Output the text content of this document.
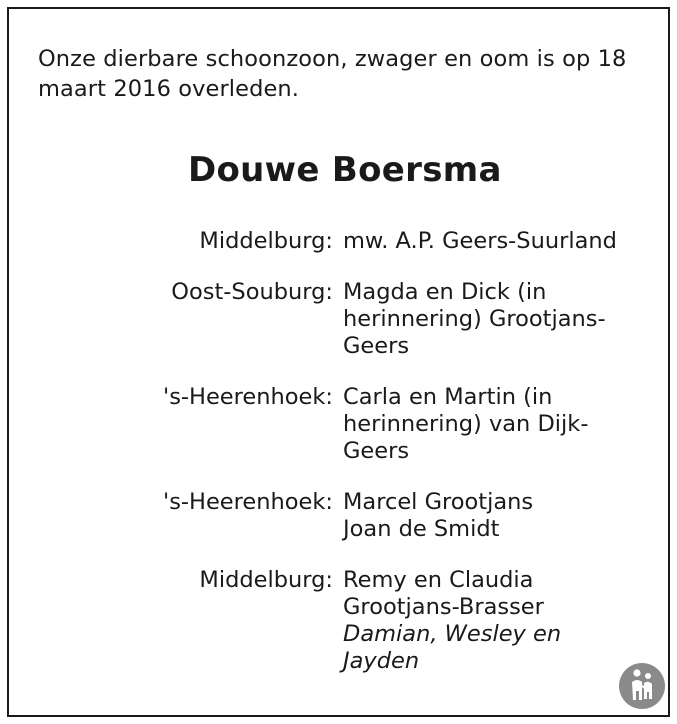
Onze dierbare schoonzoon, zwager en oom is op 18
maart 2016 overleden.

Douwe Boersma
Middelburg: mw. A.P. Geers-Suurland
Oost-Souburg: Magda en Dick (in
herinnering) Grootjans-
Geers
's-Heerenhoek: Carla en Martin (in
herinnering) van Dijk-
Geers
's-Heerenhoek: Marcel Grootjans
Joan de Smidt
Middelburg: Remy en Claudia
Grootjans-Brasser
Damian, Wesley en
Jayden
